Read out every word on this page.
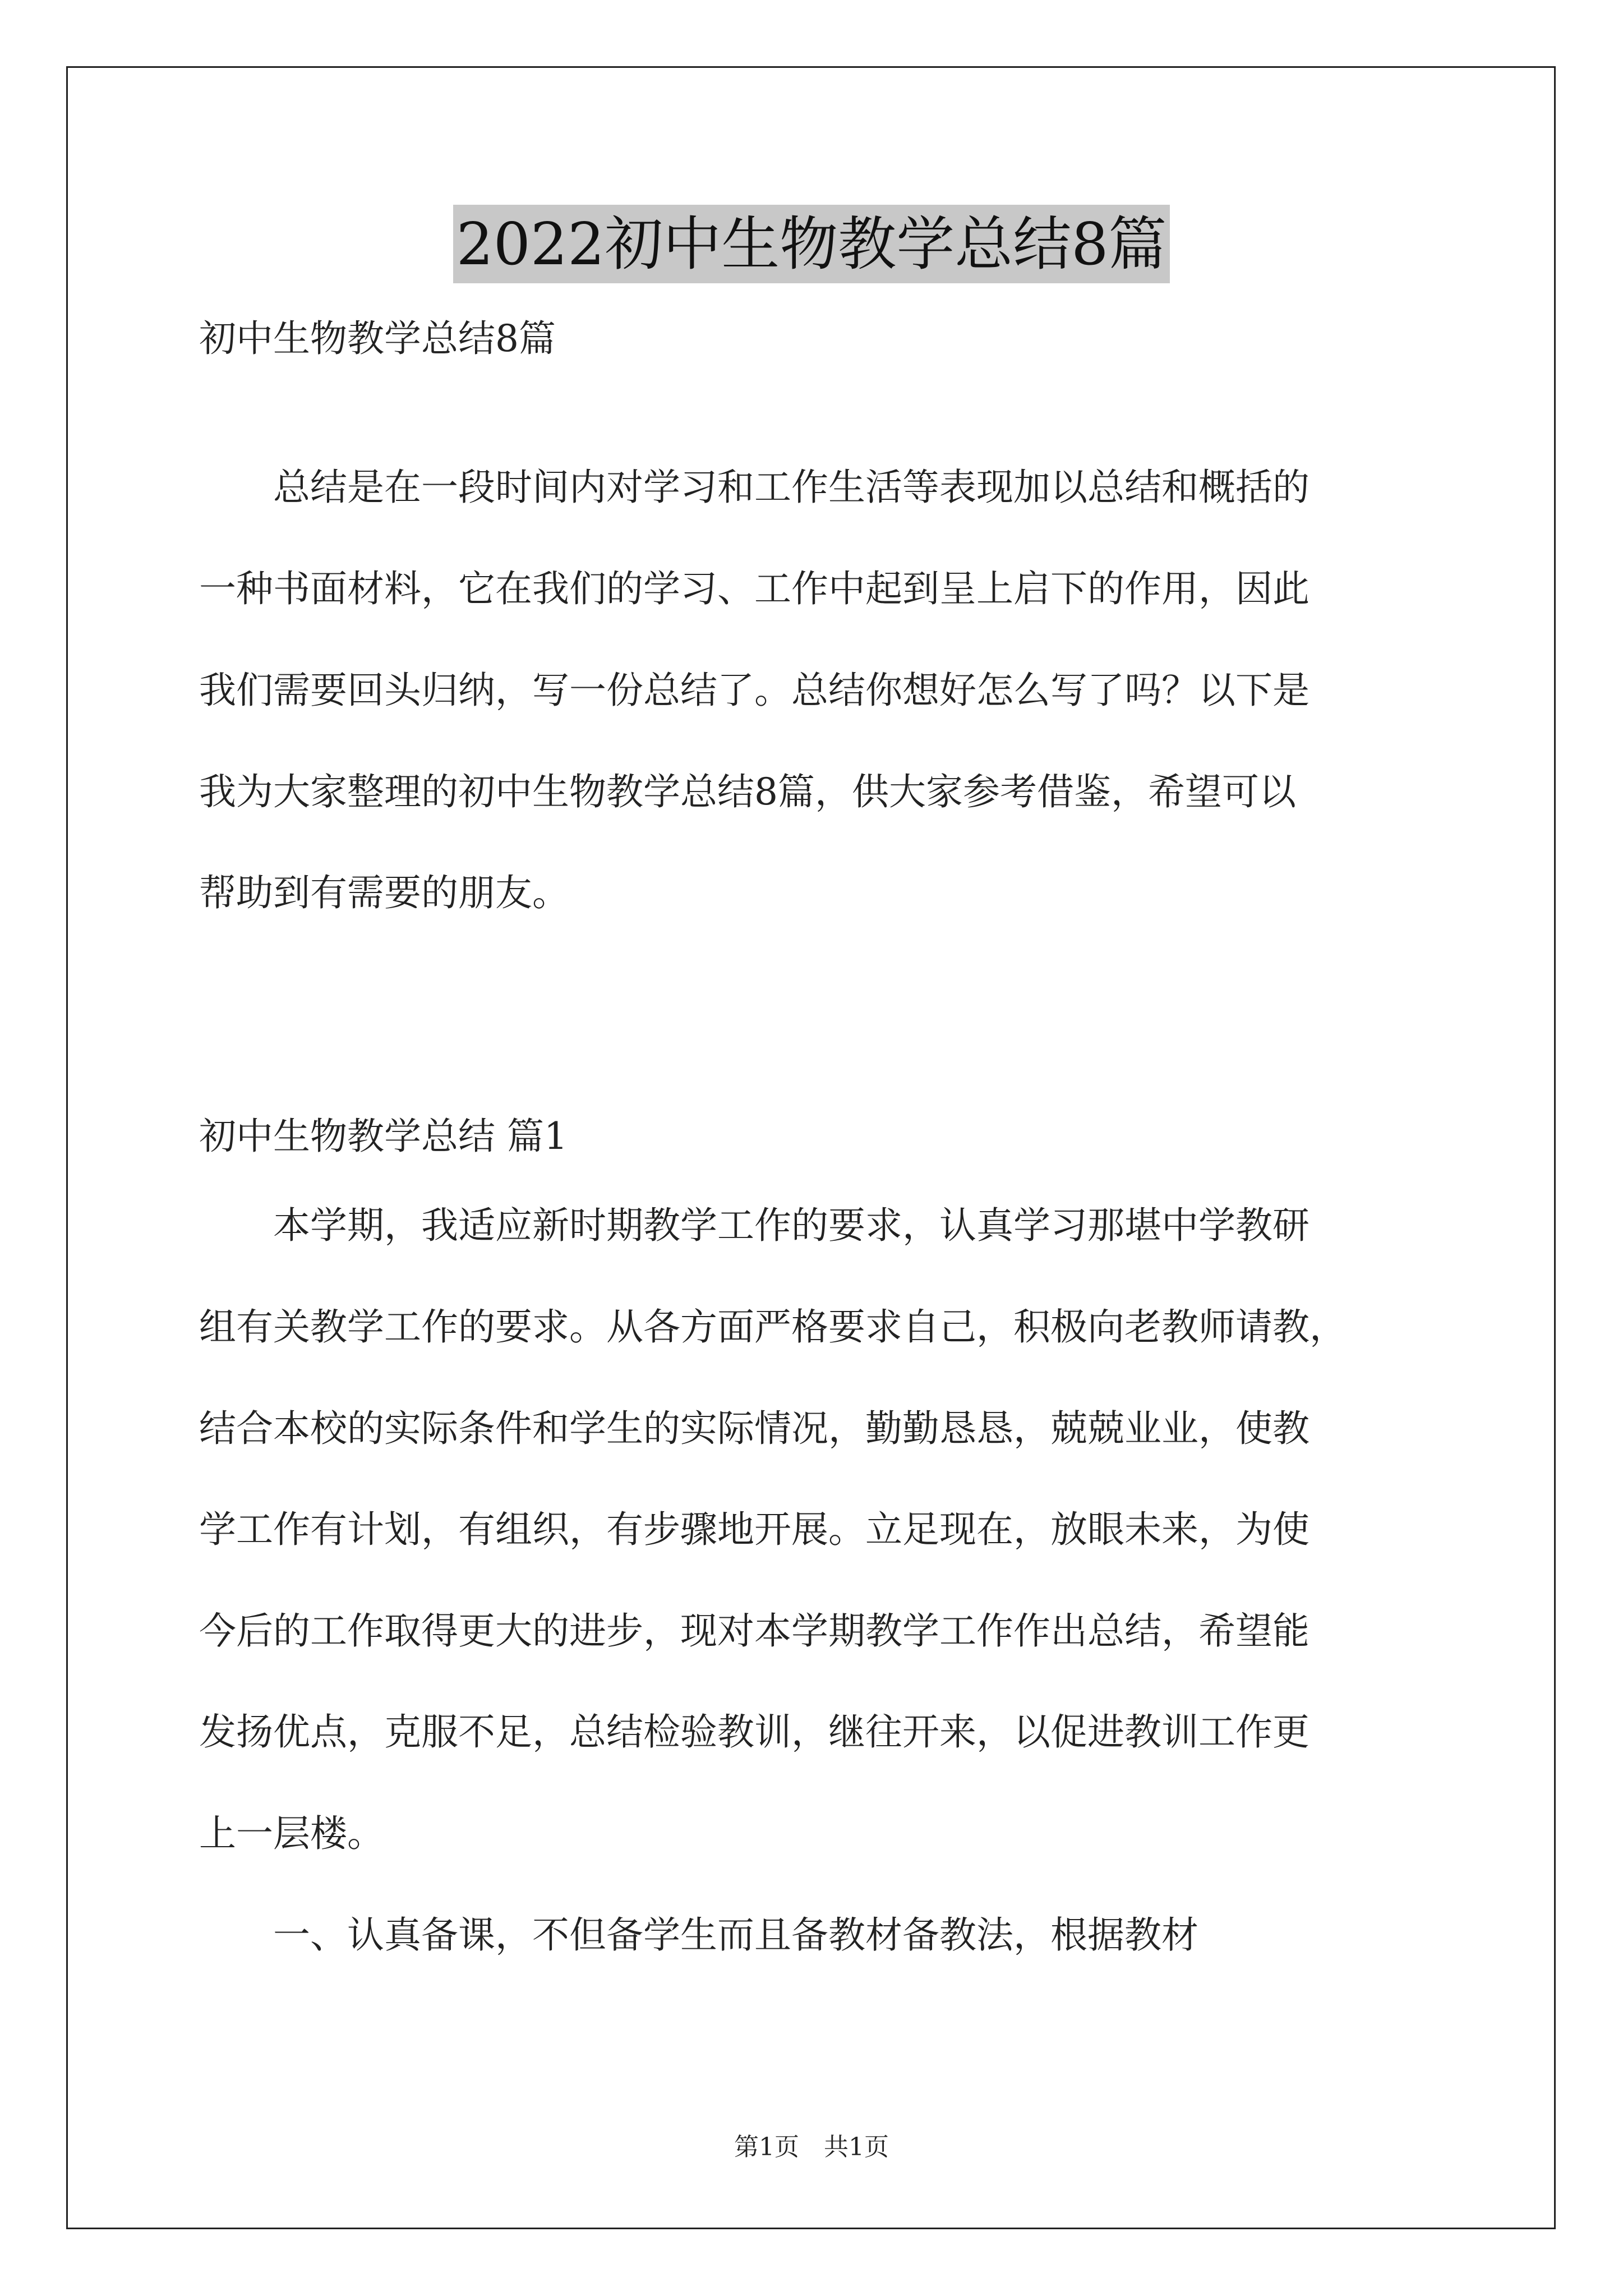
2022初中生物教学总结8篇
初中生物教学总结8篇
　　总结是在一段时间内对学习和工作生活等表现加以总结和概括的
一种书面材料，它在我们的学习、工作中起到呈上启下的作用，因此
我们需要回头归纳，写一份总结了。总结你想好怎么写了吗？以下是
我为大家整理的初中生物教学总结8篇，供大家参考借鉴，希望可以
帮助到有需要的朋友。
初中生物教学总结 篇1
　　本学期，我适应新时期教学工作的要求，认真学习那堪中学教研
组有关教学工作的要求。从各方面严格要求自己，积极向老教师请教，
结合本校的实际条件和学生的实际情况，勤勤恳恳，兢兢业业，使教
学工作有计划，有组织，有步骤地开展。立足现在，放眼未来，为使
今后的工作取得更大的进步，现对本学期教学工作作出总结，希望能
发扬优点，克服不足，总结检验教训，继往开来，以促进教训工作更
上一层楼。
　　一、认真备课，不但备学生而且备教材备教法，根据教材
第1页　共1页
